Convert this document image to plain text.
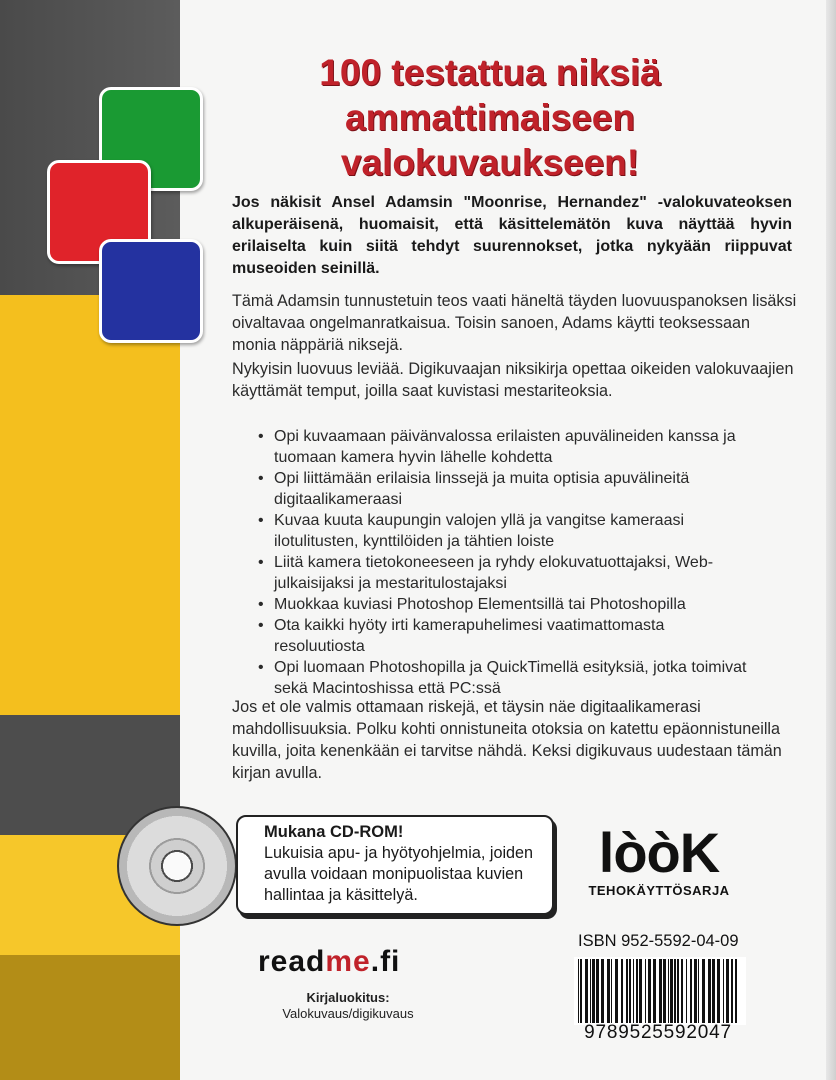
100 testattua niksiä
ammattimaiseen
valokuvaukseen!
Jos näkisit Ansel Adamsin "Moonrise, Hernandez" -valokuvateoksen alkuperäisenä, huomaisit, että käsittelemätön kuva näyttää hyvin erilaiselta kuin siitä tehdyt suurennokset, jotka nykyään riippuvat museoiden seinillä.
Tämä Adamsin tunnustetuin teos vaati häneltä täyden luovuuspanoksen lisäksi oivaltavaa ongelmanratkaisua. Toisin sanoen, Adams käytti teoksessaan monia näppäriä niksejä.
Nykyisin luovuus leviää. Digikuvaajan niksikirja opettaa oikeiden valokuvaajien käyttämät temput, joilla saat kuvistasi mestariteoksia.
• Opi kuvaamaan päivänvalossa erilaisten apuvälineiden kanssa ja tuomaan kamera hyvin lähelle kohdetta
• Opi liittämään erilaisia linssejä ja muita optisia apuvälineitä digitaalikameraasi
• Kuvaa kuuta kaupungin valojen yllä ja vangitse kameraasi ilotulitusten, kynttilöiden ja tähtien loiste
• Liitä kamera tietokoneeseen ja ryhdy elokuvatuottajaksi, Web-julkaisijaksi ja mestaritulostajaksi
• Muokkaa kuviasi Photoshop Elementsillä tai Photoshopilla
• Ota kaikki hyöty irti kamerapuhelimesi vaatimattomasta resoluutiosta
• Opi luomaan Photoshopilla ja QuickTimellä esityksiä, jotka toimivat sekä Macintoshissa että PC:ssä
Jos et ole valmis ottamaan riskejä, et täysin näe digitaalikamerasi mahdollisuuksia. Polku kohti onnistuneita otoksia on katettu epäonnistuneilla kuvilla, joita kenenkään ei tarvitse nähdä. Keksi digikuvaus uudestaan tämän kirjan avulla.
Mukana CD-ROM!
Lukuisia apu- ja hyötyohjelmia, joiden avulla voidaan monipuolistaa kuvien hallintaa ja käsittelyä.
lòòK
TEHOKÄYTTÖSARJA
readme.fi
Kirjaluokitus:
Valokuvaus/digikuvaus
ISBN 952-5592-04-09
9789525592047
